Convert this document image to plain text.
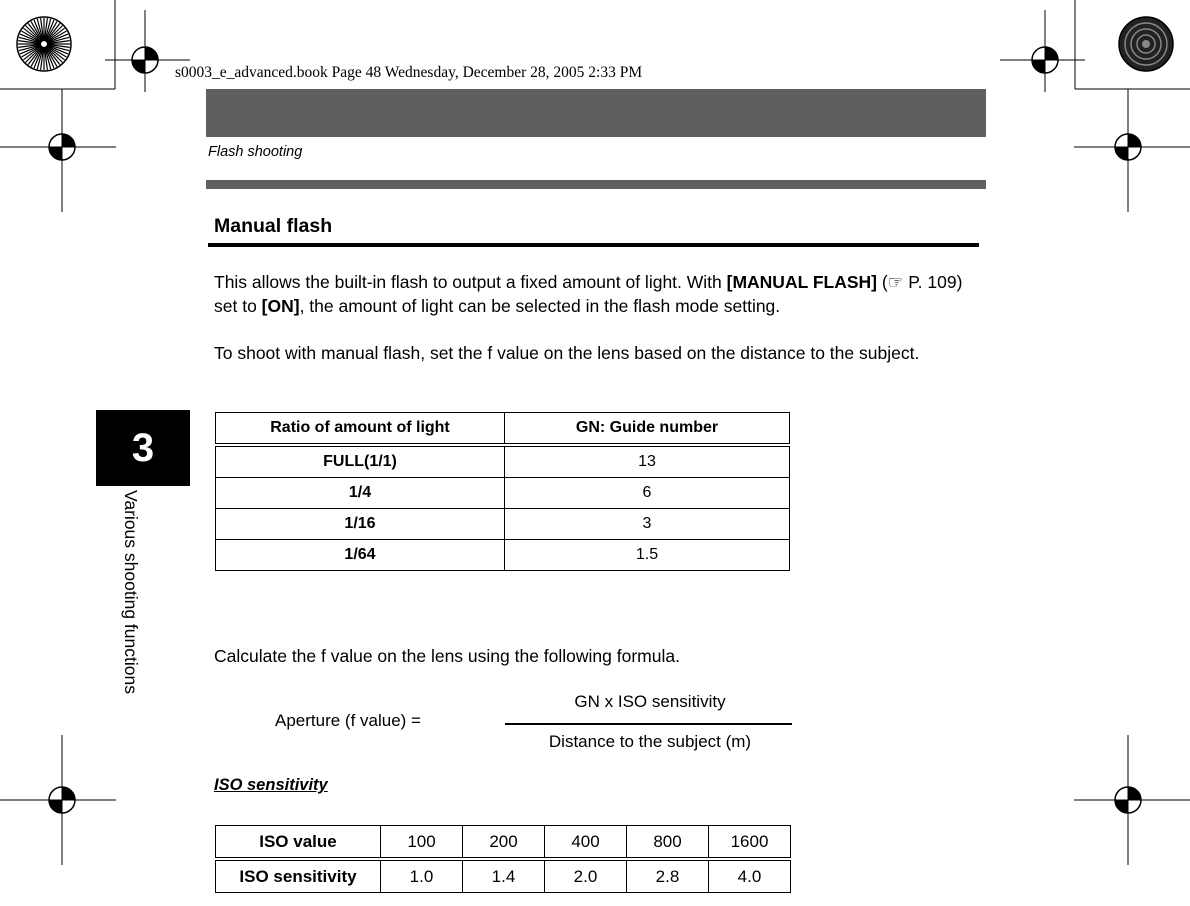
s0003_e_advanced.book Page 48 Wednesday, December 28, 2005 2:33 PM
Flash shooting
Manual flash
This allows the built-in flash to output a fixed amount of light. With [MANUAL FLASH] (☞ P. 109) set to [ON], the amount of light can be selected in the flash mode setting.
To shoot with manual flash, set the f value on the lens based on the distance to the subject.
3
Various shooting functions
Ratio of amount of light	GN: Guide number
FULL(1/1)	13
1/4	6
1/16	3
1/64	1.5
Calculate the f value on the lens using the following formula.
Aperture (f value) =
GN x ISO sensitivity
Distance to the subject (m)
ISO sensitivity
ISO value	100	200	400	800	1600
ISO sensitivity	1.0	1.4	2.0	2.8	4.0
